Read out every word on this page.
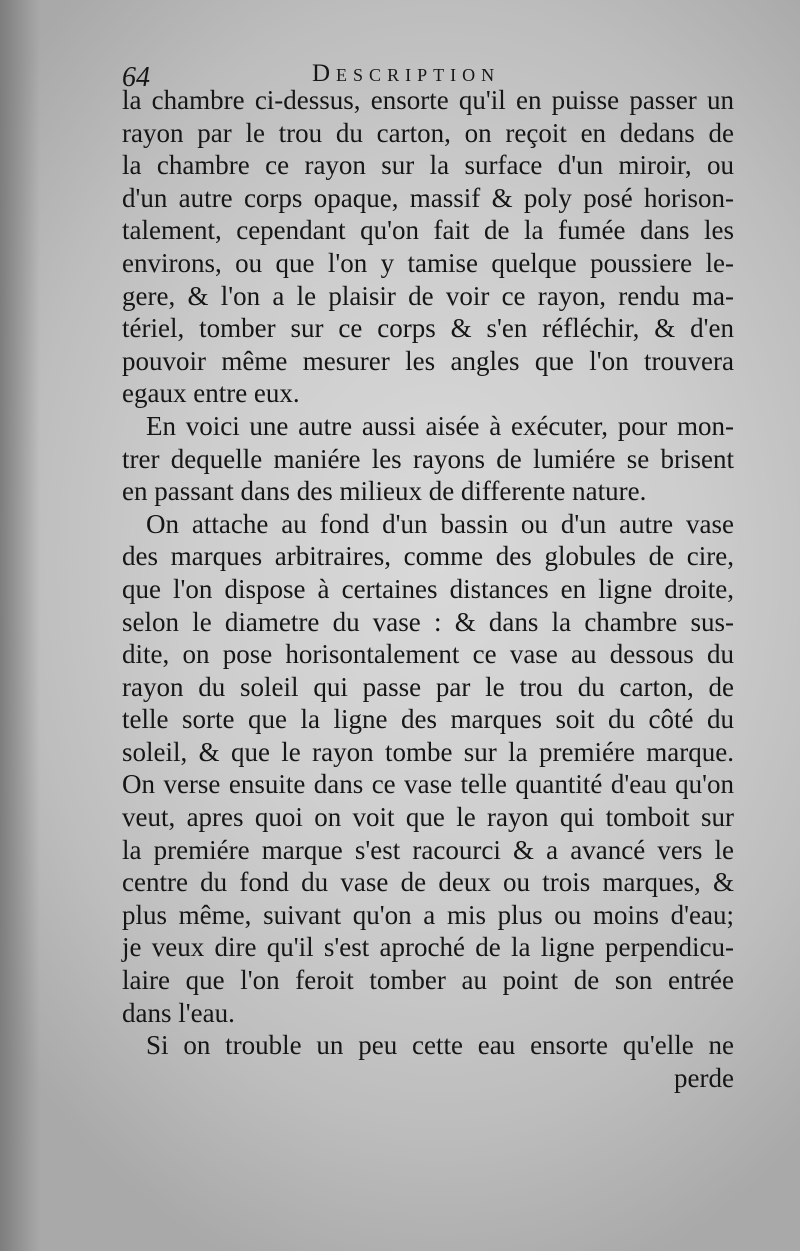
64	Description
la chambre ci-dessus, ensorte qu'il en puisse passer un
rayon par le trou du carton, on reçoit en dedans de
la chambre ce rayon sur la surface d'un miroir, ou
d'un autre corps opaque, massif & poly posé horison-
talement, cependant qu'on fait de la fumée dans les
environs, ou que l'on y tamise quelque poussiere le-
gere, & l'on a le plaisir de voir ce rayon, rendu ma-
tériel, tomber sur ce corps & s'en réfléchir, & d'en
pouvoir même mesurer les angles que l'on trouvera
egaux entre eux.
En voici une autre aussi aisée à exécuter, pour mon-
trer dequelle maniére les rayons de lumiére se brisent
en passant dans des milieux de differente nature.
On attache au fond d'un bassin ou d'un autre vase
des marques arbitraires, comme des globules de cire,
que l'on dispose à certaines distances en ligne droite,
selon le diametre du vase : & dans la chambre sus-
dite, on pose horisontalement ce vase au dessous du
rayon du soleil qui passe par le trou du carton, de
telle sorte que la ligne des marques soit du côté du
soleil, & que le rayon tombe sur la premiére marque.
On verse ensuite dans ce vase telle quantité d'eau qu'on
veut, apres quoi on voit que le rayon qui tomboit sur
la premiére marque s'est racourci & a avancé vers le
centre du fond du vase de deux ou trois marques, &
plus même, suivant qu'on a mis plus ou moins d'eau;
je veux dire qu'il s'est aproché de la ligne perpendicu-
laire que l'on feroit tomber au point de son entrée
dans l'eau.
Si on trouble un peu cette eau ensorte qu'elle ne
perde
